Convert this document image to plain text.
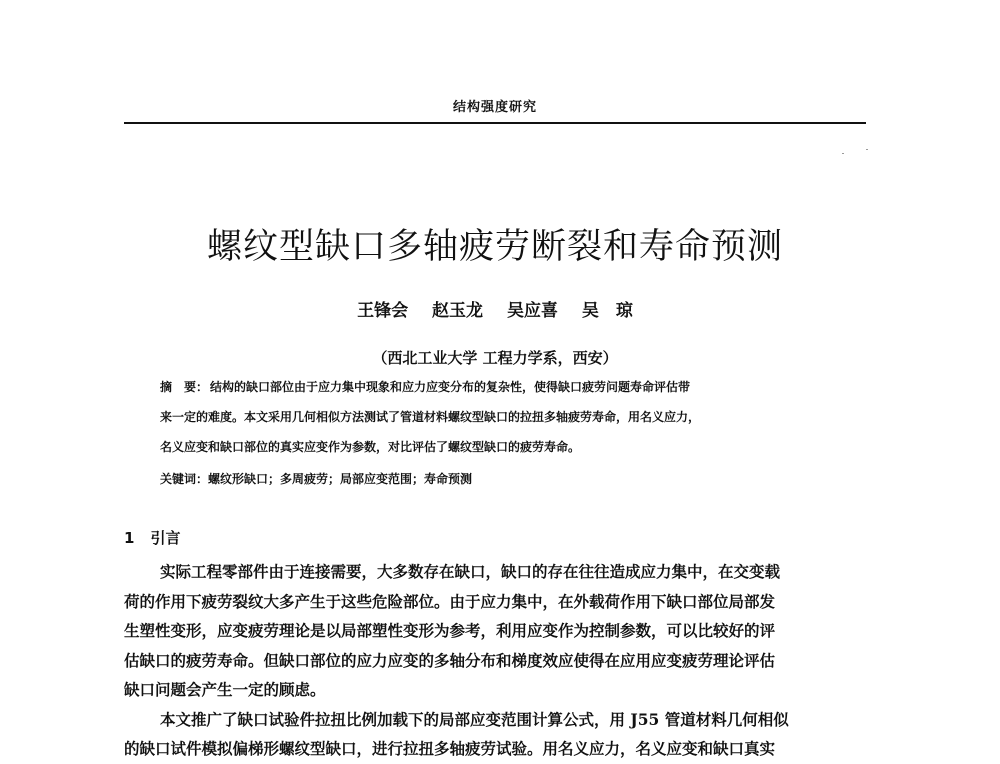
结构强度研究
螺纹型缺口多轴疲劳断裂和寿命预测
王锋会 赵玉龙 吴应喜 吴　琼
（西北工业大学 工程力学系，西安）
摘　要： 结构的缺口部位由于应力集中现象和应力应变分布的复杂性，使得缺口疲劳问题寿命评估带
来一定的难度。本文采用几何相似方法测试了管道材料螺纹型缺口的拉扭多轴疲劳寿命，用名义应力，
名义应变和缺口部位的真实应变作为参数，对比评估了螺纹型缺口的疲劳寿命。
关键词：螺纹形缺口；多周疲劳；局部应变范围；寿命预测
1 引言
实际工程零部件由于连接需要，大多数存在缺口，缺口的存在往往造成应力集中，在交变载
荷的作用下疲劳裂纹大多产生于这些危险部位。由于应力集中，在外载荷作用下缺口部位局部发
生塑性变形，应变疲劳理论是以局部塑性变形为参考，利用应变作为控制参数，可以比较好的评
估缺口的疲劳寿命。但缺口部位的应力应变的多轴分布和梯度效应使得在应用应变疲劳理论评估
缺口问题会产生一定的顾虑。
本文推广了缺口试验件拉扭比例加载下的局部应变范围计算公式，用 J55 管道材料几何相似
的缺口试件模拟偏梯形螺纹型缺口，进行拉扭多轴疲劳试验。用名义应力，名义应变和缺口真实
